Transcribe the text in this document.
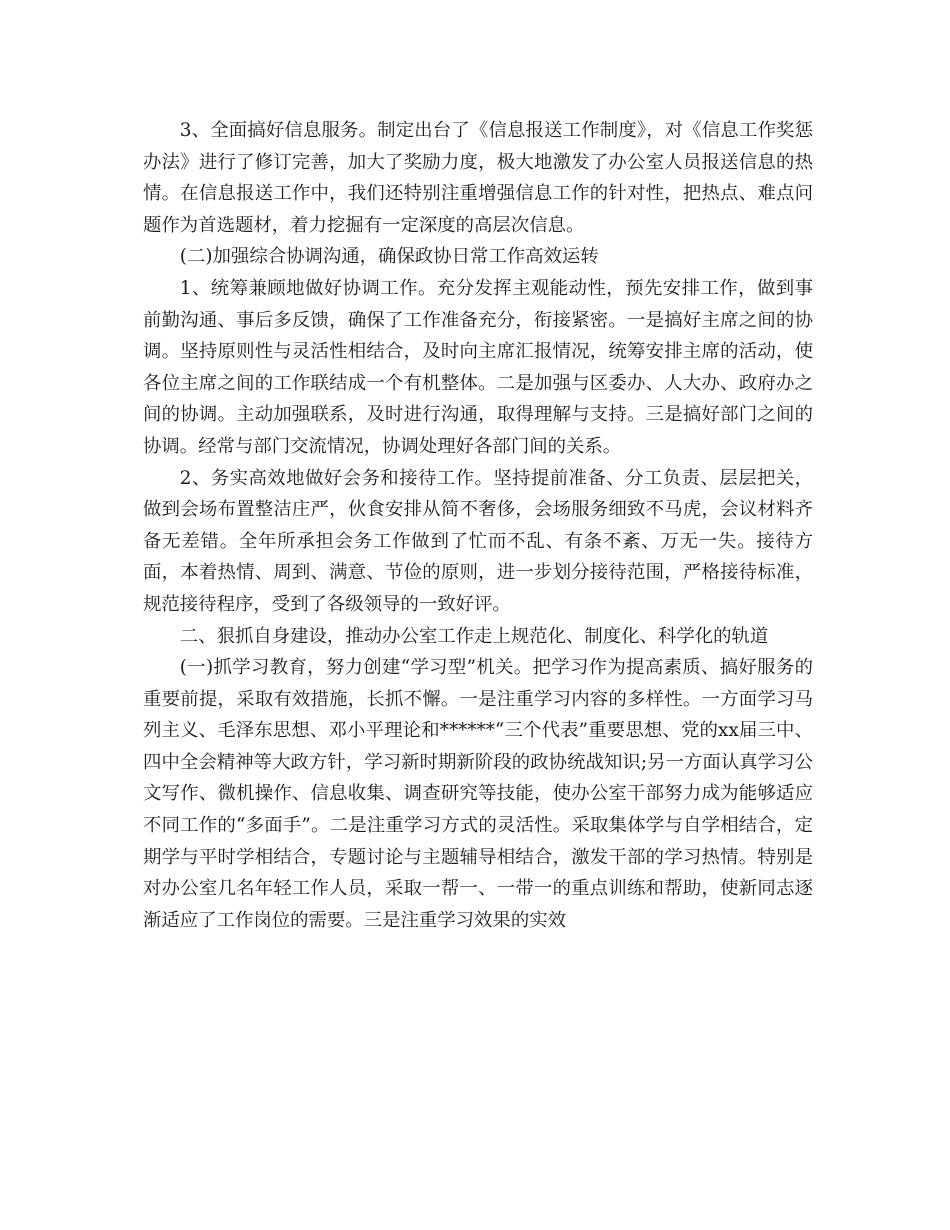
3、全面搞好信息服务。制定出台了《信息报送工作制度》，对《信息工作奖惩办法》进行了修订完善，加大了奖励力度，极大地激发了办公室人员报送信息的热情。在信息报送工作中，我们还特别注重增强信息工作的针对性，把热点、难点问题作为首选题材，着力挖掘有一定深度的高层次信息。

(二)加强综合协调沟通，确保政协日常工作高效运转

1、统筹兼顾地做好协调工作。充分发挥主观能动性，预先安排工作，做到事前勤沟通、事后多反馈，确保了工作准备充分，衔接紧密。一是搞好主席之间的协调。坚持原则性与灵活性相结合，及时向主席汇报情况，统筹安排主席的活动，使各位主席之间的工作联结成一个有机整体。二是加强与区委办、人大办、政府办之间的协调。主动加强联系，及时进行沟通，取得理解与支持。三是搞好部门之间的协调。经常与部门交流情况，协调处理好各部门间的关系。

2、务实高效地做好会务和接待工作。坚持提前准备、分工负责、层层把关，做到会场布置整洁庄严，伙食安排从简不奢侈，会场服务细致不马虎，会议材料齐备无差错。全年所承担会务工作做到了忙而不乱、有条不紊、万无一失。接待方面，本着热情、周到、满意、节俭的原则，进一步划分接待范围，严格接待标准，规范接待程序，受到了各级领导的一致好评。

二、狠抓自身建设，推动办公室工作走上规范化、制度化、科学化的轨道

(一)抓学习教育，努力创建“学习型”机关。把学习作为提高素质、搞好服务的重要前提，采取有效措施，长抓不懈。一是注重学习内容的多样性。一方面学习马列主义、毛泽东思想、邓小平理论和******“三个代表”重要思想、党的xx届三中、四中全会精神等大政方针，学习新时期新阶段的政协统战知识;另一方面认真学习公文写作、微机操作、信息收集、调查研究等技能，使办公室干部努力成为能够适应不同工作的“多面手”。二是注重学习方式的灵活性。采取集体学与自学相结合，定期学与平时学相结合，专题讨论与主题辅导相结合，激发干部的学习热情。特别是对办公室几名年轻工作人员，采取一帮一、一带一的重点训练和帮助，使新同志逐渐适应了工作岗位的需要。三是注重学习效果的实效
